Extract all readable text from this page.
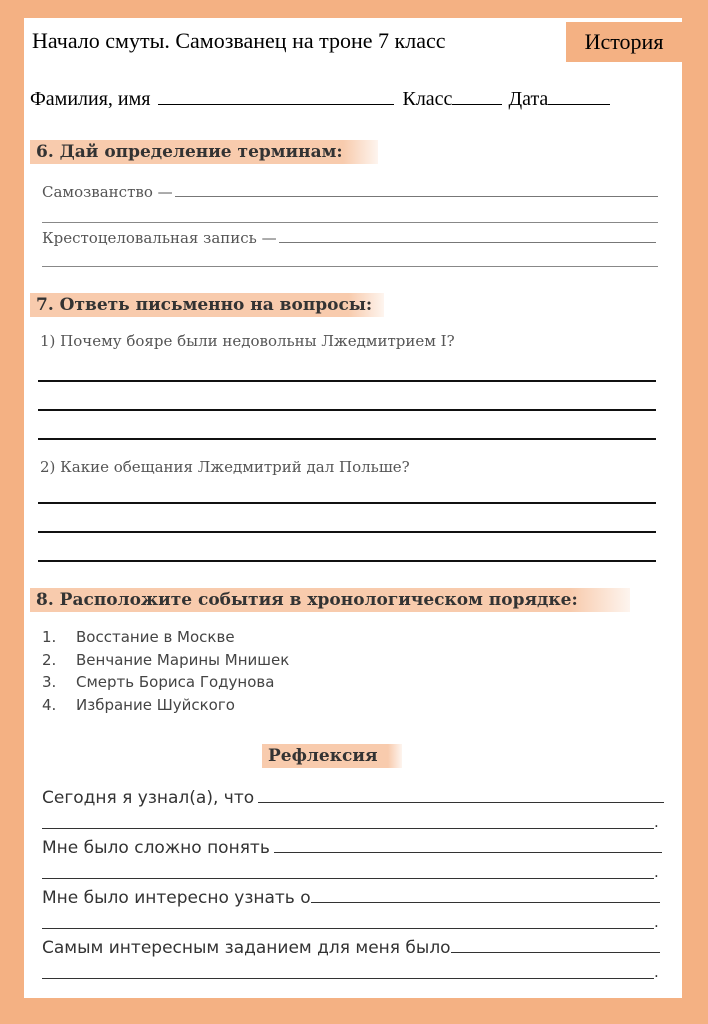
Начало смуты. Самозванец на троне 7 класс	История
Фамилия, имя	Класс	Дата
6. Дай определение терминам:
Самозванство —
Крестоцеловальная запись —
7. Ответь письменно на вопросы:
1) Почему бояре были недовольны Лжедмитрием I?
2) Какие обещания Лжедмитрий дал Польше?
8. Расположите события в хронологическом порядке:
1.	Восстание в Москве
2.	Венчание Марины Мнишек
3.	Смерть Бориса Годунова
4.	Избрание Шуйского
Рефлексия
Сегодня я узнал(а), что
.
Мне было сложно понять
.
Мне было интересно узнать о
.
Самым интересным заданием для меня было
.
